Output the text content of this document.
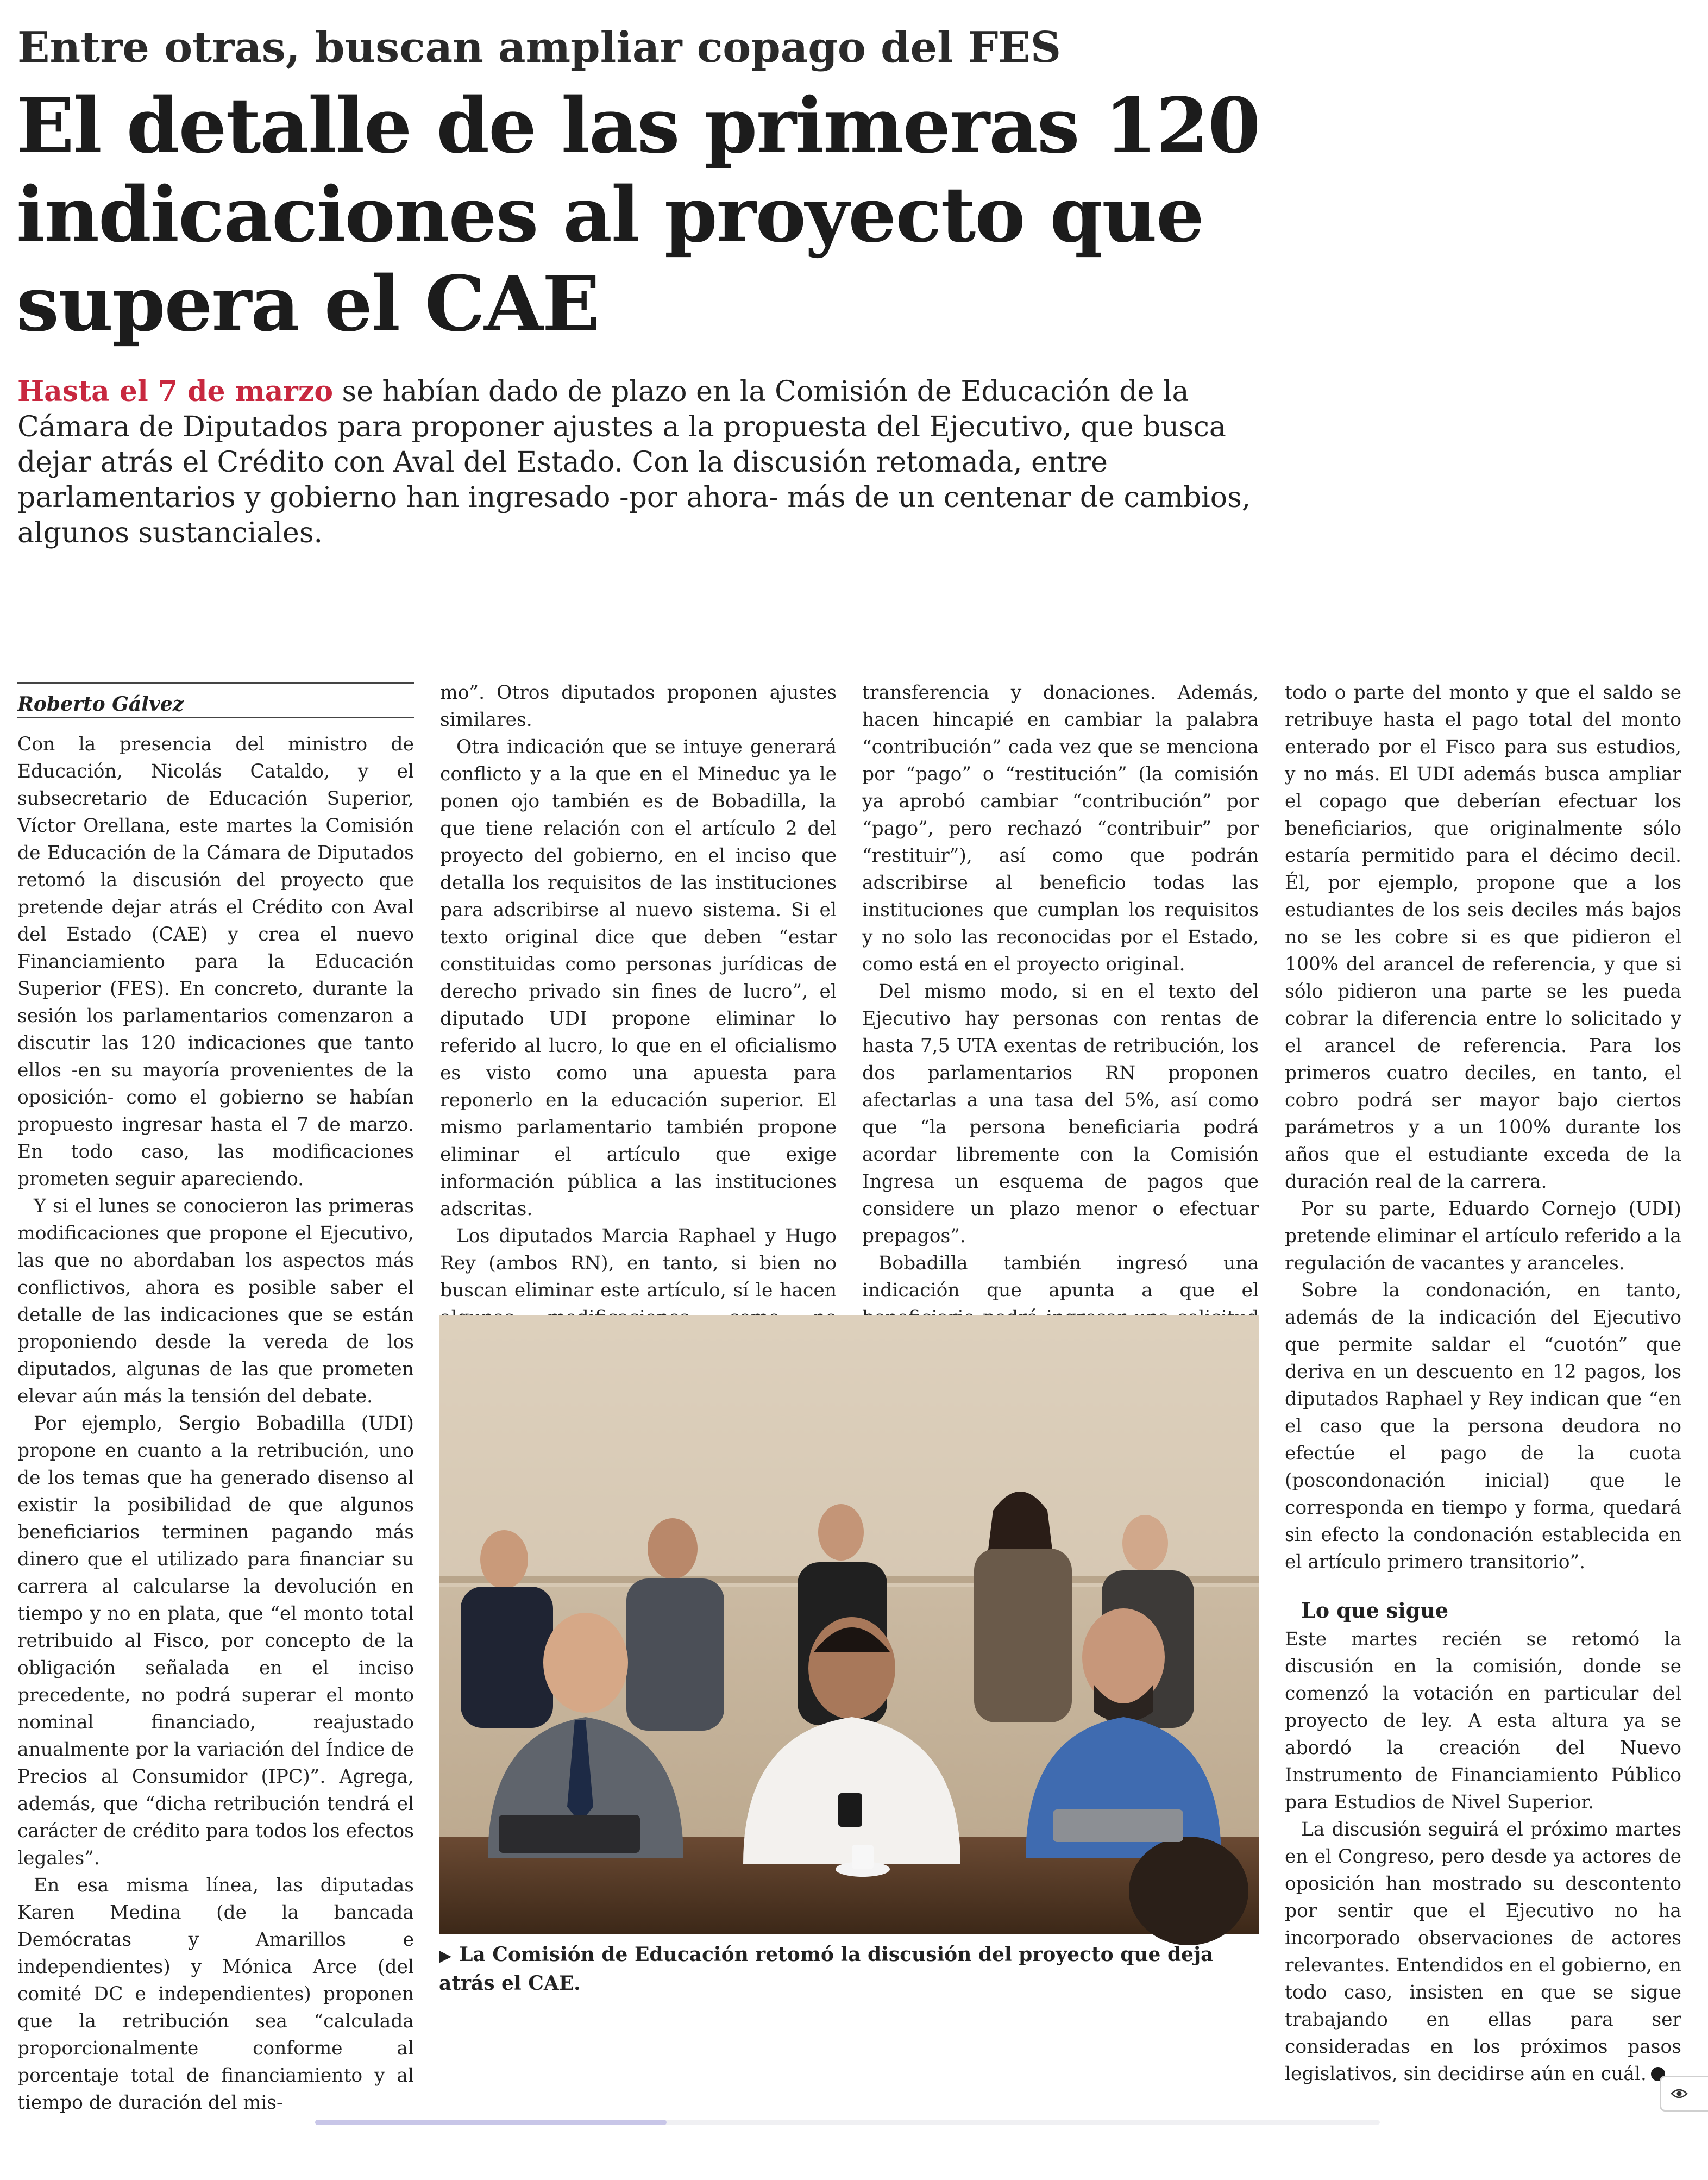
Entre otras, buscan ampliar copago del FES
El detalle de las primeras 120 indicaciones al proyecto que supera el CAE
Hasta el 7 de marzo se habían dado de plazo en la Comisión de Educación de la Cámara de Diputados para proponer ajustes a la propuesta del Ejecutivo, que busca dejar atrás el Crédito con Aval del Estado. Con la discusión retomada, entre parlamentarios y gobierno han ingresado -por ahora- más de un centenar de cambios, algunos sustanciales.
Roberto Gálvez

Con la presencia del ministro de Educación, Nicolás Cataldo, y el subsecretario de Educación Superior, Víctor Orellana, este martes la Comisión de Educación de la Cámara de Diputados retomó la discusión del proyecto que pretende dejar atrás el Crédito con Aval del Estado (CAE) y crea el nuevo Financiamiento para la Educación Superior (FES). En concreto, durante la sesión los parlamentarios comenzaron a discutir las 120 indicaciones que tanto ellos -en su mayoría provenientes de la oposición- como el gobierno se habían propuesto ingresar hasta el 7 de marzo. En todo caso, las modificaciones prometen seguir apareciendo.

Y si el lunes se conocieron las primeras modificaciones que propone el Ejecutivo, las que no abordaban los aspectos más conflictivos, ahora es posible saber el detalle de las indicaciones que se están proponiendo desde la vereda de los diputados, algunas de las que prometen elevar aún más la tensión del debate.

Por ejemplo, Sergio Bobadilla (UDI) propone en cuanto a la retribución, uno de los temas que ha generado disenso al existir la posibilidad de que algunos beneficiarios terminen pagando más dinero que el utilizado para financiar su carrera al calcularse la devolución en tiempo y no en plata, que “el monto total retribuido al Fisco, por concepto de la obligación señalada en el inciso precedente, no podrá superar el monto nominal financiado, reajustado anualmente por la variación del Índice de Precios al Consumidor (IPC)”. Agrega, además, que “dicha retribución tendrá el carácter de crédito para todos los efectos legales”.

En esa misma línea, las diputadas Karen Medina (de la bancada Demócratas y Amarillos e independientes) y Mónica Arce (del comité DC e independientes) proponen que la retribución sea “calculada proporcionalmente conforme al porcentaje total de financiamiento y al tiempo de duración del mis-

mo”. Otros diputados proponen ajustes similares.

Otra indicación que se intuye generará conflicto y a la que en el Mineduc ya le ponen ojo también es de Bobadilla, la que tiene relación con el artículo 2 del proyecto del gobierno, en el inciso que detalla los requisitos de las instituciones para adscribirse al nuevo sistema. Si el texto original dice que deben “estar constituidas como personas jurídicas de derecho privado sin fines de lucro”, el diputado UDI propone eliminar lo referido al lucro, lo que en el oficialismo es visto como una apuesta para reponerlo en la educación superior. El mismo parlamentario también propone eliminar el artículo que exige información pública a las instituciones adscritas.

Los diputados Marcia Raphael y Hugo Rey (ambos RN), en tanto, si bien no buscan eliminar este artículo, sí le hacen

transferencia y donaciones. Además, hacen hincapié en cambiar la palabra “contribución” cada vez que se menciona por “pago” o “restitución” (la comisión ya aprobó cambiar “contribución” por “pago”, pero rechazó “contribuir” por “restituir”), así como que podrán adscribirse al beneficio todas las instituciones que cumplan los requisitos y no solo las reconocidas por el Estado, como está en el proyecto original.

Del mismo modo, si en el texto del Ejecutivo hay personas con rentas de hasta 7,5 UTA exentas de retribución, los dos parlamentarios RN proponen afectarlas a una tasa del 5%, así como que “la persona beneficiaria podrá acordar libremente con la Comisión Ingresa un esquema de pagos que considere un plazo menor o efectuar prepagos”.

Bobadilla también ingresó una indicación que apunta a que el

todo o parte del monto y que el saldo se retribuye hasta el pago total del monto enterado por el Fisco para sus estudios, y no más. El UDI además busca ampliar el copago que deberían efectuar los beneficiarios, que originalmente sólo estaría permitido para el décimo decil. Él, por ejemplo, propone que a los estudiantes de los seis deciles más bajos no se les cobre si es que pidieron el 100% del arancel de referencia, y que si sólo pidieron una parte se les pueda cobrar la diferencia entre lo solicitado y el arancel de referencia. Para los primeros cuatro deciles, en tanto, el cobro podrá ser mayor bajo ciertos parámetros y a un 100% durante los años que el estudiante exceda de la duración real de la carrera.

Por su parte, Eduardo Cornejo (UDI) pretende eliminar el artículo referido a la regulación de vacantes y aranceles.

Sobre la condonación, en tanto, además de la indicación del Ejecutivo que permite saldar el “cuotón” que deriva en un descuento en 12 pagos, los diputados Raphael y Rey indican que “en el caso que la persona deudora no efectúe el pago de la cuota (poscondonación inicial) que le corresponda en tiempo y forma, quedará sin efecto la condonación establecida en el artículo primero transitorio”.

Lo que sigue

Este martes recién se retomó la discusión en la comisión, donde se comenzó la votación en particular del proyecto de ley. A esta altura ya se abordó la creación del Nuevo Instrumento de Financiamiento Público para Estudios de Nivel Superior.

La discusión seguirá el próximo martes en el Congreso, pero desde ya actores de oposición han mostrado su descontento por sentir que el Ejecutivo no ha incorporado observaciones de actores relevantes. Entendidos en el gobierno, en todo caso, insisten en que se sigue trabajando en ellas para ser consideradas en los próximos pasos legislativos, sin decidirse aún en cuál.

▶ La Comisión de Educación retomó la discusión del proyecto que deja atrás el CAE.
